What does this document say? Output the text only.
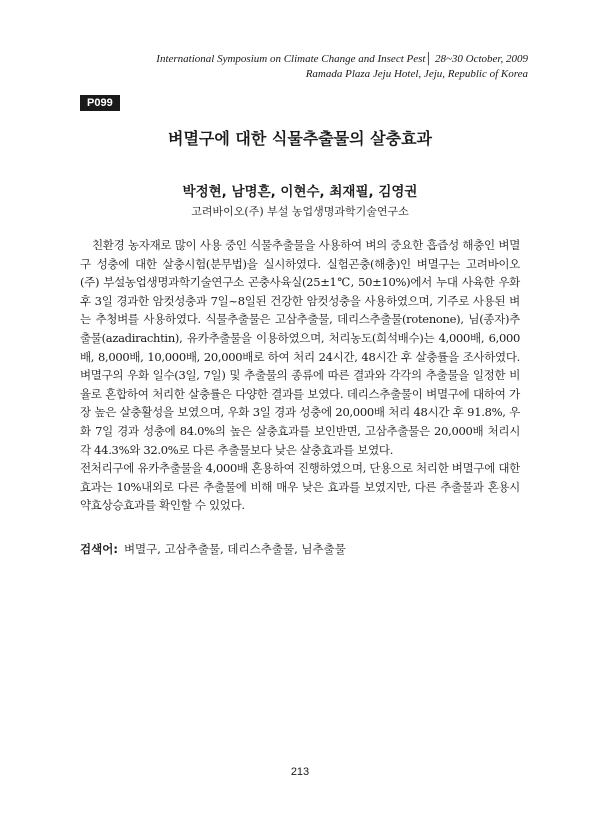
International Symposium on Climate Change and Insect Pest│ 28~30 October, 2009
Ramada Plaza Jeju Hotel, Jeju, Republic of Korea
P099
벼멸구에 대한 식물추출물의 살충효과
박정현, 남명흔, 이현수, 최재필, 김영권
고려바이오(주) 부설 농업생명과학기술연구소

친환경 농자재로 많이 사용 중인 식물추출물을 사용하여 벼의 중요한 흡즙성 해충인 벼멸구 성충에 대한 살충시험(분무법)을 실시하였다. 실험곤충(해충)인 벼멸구는 고려바이오(주) 부설농업생명과학기술연구소 곤충사육실(25±1℃, 50±10%)에서 누대 사육한 우화 후 3일 경과한 암컷성충과 7일~8일된 건강한 암컷성충을 사용하였으며, 기주로 사용된 벼는 추청벼를 사용하였다. 식물추출물은 고삼추출물, 데리스추출물(rotenone), 님(종자)추출물(azadirachtin), 유카추출물을 이용하였으며, 처리농도(희석배수)는 4,000배, 6,000배, 8,000배, 10,000배, 20,000배로 하여 처리 24시간, 48시간 후 살충률을 조사하였다. 벼멸구의 우화 일수(3일, 7일) 및 추출물의 종류에 따른 결과와 각각의 추출물을 일정한 비율로 혼합하여 처리한 살충률은 다양한 결과를 보였다. 데리스추출물이 벼멸구에 대하여 가장 높은 살충활성을 보였으며, 우화 3일 경과 성충에 20,000배 처리 48시간 후 91.8%, 우화 7일 경과 성충에 84.0%의 높은 살충효과를 보인반면, 고삼추출물은 20,000배 처리시 각 44.3%와 32.0%로 다른 추출물보다 낮은 살충효과를 보였다.

전처리구에 유카추출물을 4,000배 혼용하여 진행하였으며, 단용으로 처리한 벼멸구에 대한 효과는 10%내외로 다른 추출물에 비해 매우 낮은 효과를 보였지만, 다른 추출물과 혼용시 약효상승효과를 확인할 수 있었다.

검색어: 벼멸구, 고삼추출물, 데리스추출물, 님추출물
213
